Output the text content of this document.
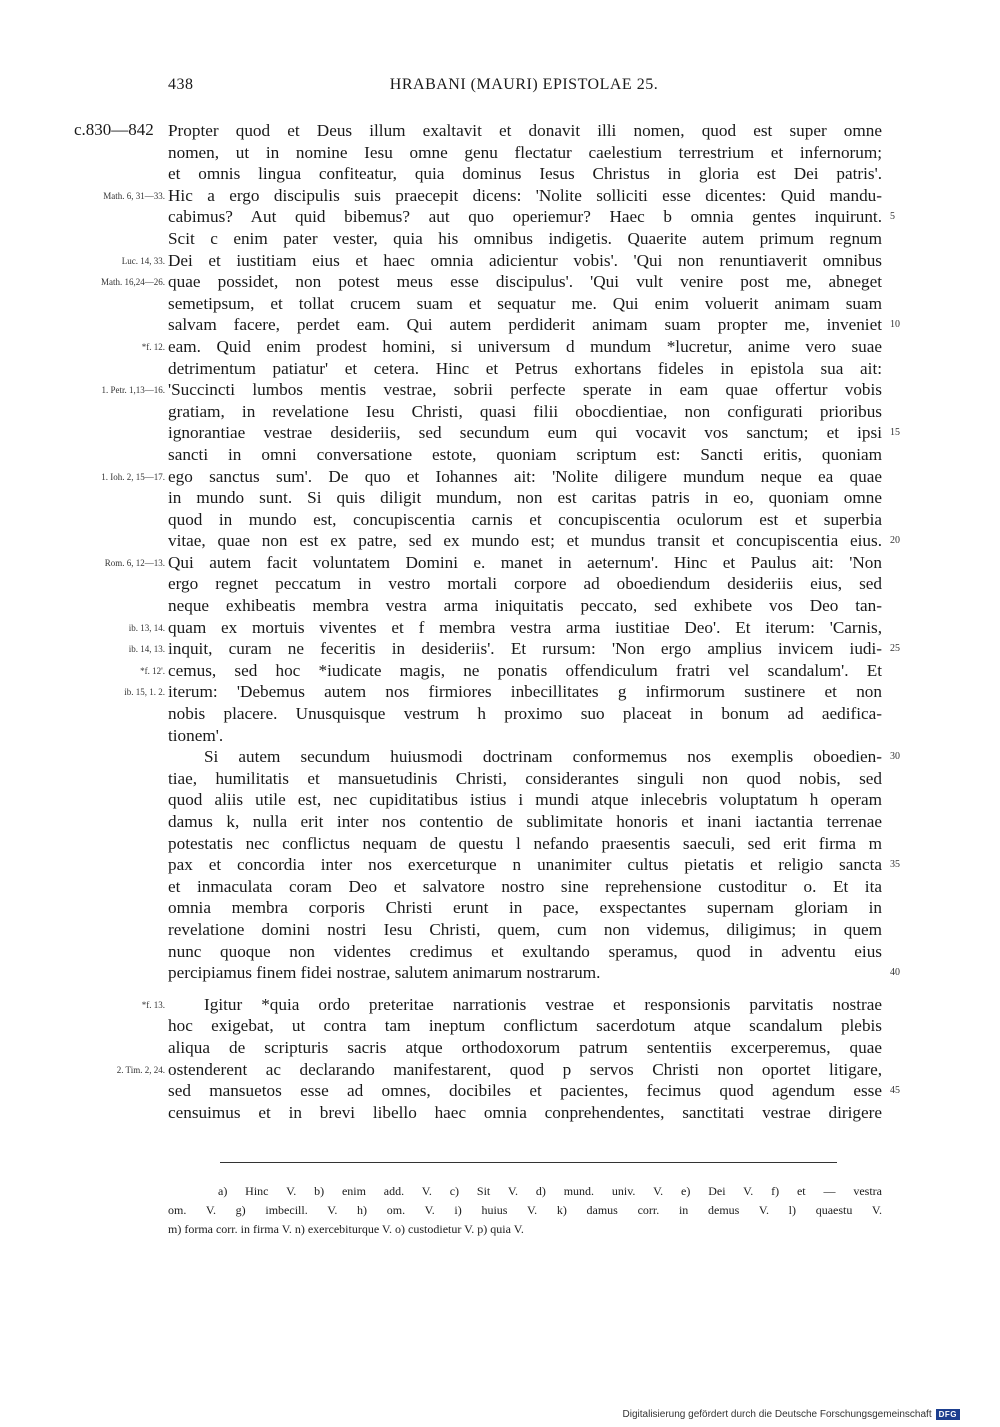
438	HRABANI (MAURI) EPISTOLAE 25.
c.830—842 Propter quod et Deus illum exaltavit et donavit illi nomen, quod est super omne
nomen, ut in nomine Iesu omne genu flectatur caelestium terrestrium et infernorum;
et omnis lingua confiteatur, quia dominus Iesus Christus in gloria est Dei patris'.
Math. 6, 31—33. Hic a ergo discipulis suis praecepit dicens: 'Nolite solliciti esse dicentes: Quid mandu-
cabimus? Aut quid bibemus? aut quo operiemur? Haec b omnia gentes inquirunt. 5
Scit c enim pater vester, quia his omnibus indigetis. Quaerite autem primum regnum
Luc. 14, 33. Dei et iustitiam eius et haec omnia adicientur vobis'. 'Qui non renuntiaverit omnibus
Math. 16,24—26. quae possidet, non potest meus esse discipulus'. 'Qui vult venire post me, abneget
semetipsum, et tollat crucem suam et sequatur me. Qui enim voluerit animam suam
salvam facere, perdet eam. Qui autem perdiderit animam suam propter me, inveniet 10
*f. 12. eam. Quid enim prodest homini, si universum d mundum *lucretur, anime vero suae
detrimentum patiatur' et cetera. Hinc et Petrus exhortans fideles in epistola sua ait:
1. Petr. 1,13—16. 'Succincti lumbos mentis vestrae, sobrii perfecte sperate in eam quae offertur vobis
gratiam, in revelatione Iesu Christi, quasi filii obocdientiae, non configurati prioribus
ignorantiae vestrae desideriis, sed secundum eum qui vocavit vos sanctum; et ipsi 15
sancti in omni conversatione estote, quoniam scriptum est: Sancti eritis, quoniam
1. Ioh. 2, 15—17. ego sanctus sum'. De quo et Iohannes ait: 'Nolite diligere mundum neque ea quae
in mundo sunt. Si quis diligit mundum, non est caritas patris in eo, quoniam omne
quod in mundo est, concupiscentia carnis et concupiscentia oculorum est et superbia
vitae, quae non est ex patre, sed ex mundo est; et mundus transit et concupiscentia eius. 20
Rom. 6, 12—13. Qui autem facit voluntatem Domini e. manet in aeternum'. Hinc et Paulus ait: 'Non
ergo regnet peccatum in vestro mortali corpore ad oboediendum desideriis eius, sed
neque exhibeatis membra vestra arma iniquitatis peccato, sed exhibete vos Deo tan-
ib. 13, 14. quam ex mortuis viventes et f membra vestra arma iustitiae Deo'. Et iterum: 'Carnis,
ib. 14, 13. inquit, curam ne feceritis in desideriis'. Et rursum: 'Non ergo amplius invicem iudi- 25
*f. 12'. cemus, sed hoc *iudicate magis, ne ponatis offendiculum fratri vel scandalum'. Et
ib. 15, 1. 2. iterum: 'Debemus autem nos firmiores inbecillitates g infirmorum sustinere et non
nobis placere. Unusquisque vestrum h proximo suo placeat in bonum ad aedifica-
tionem'.
Si autem secundum huiusmodi doctrinam conformemus nos exemplis oboedien- 30
tiae, humilitatis et mansuetudinis Christi, considerantes singuli non quod nobis, sed
quod aliis utile est, nec cupiditatibus istius i mundi atque inlecebris voluptatum h operam
damus k, nulla erit inter nos contentio de sublimitate honoris et inani iactantia terrenae
potestatis nec conflictus nequam de questu l nefando praesentis saeculi, sed erit firma m
pax et concordia inter nos exerceturque n unanimiter cultus pietatis et religio sancta 35
et inmaculata coram Deo et salvatore nostro sine reprehensione custoditur o. Et ita
omnia membra corporis Christi erunt in pace, exspectantes supernam gloriam in
revelatione domini nostri Iesu Christi, quem, cum non videmus, diligimus; in quem
nunc quoque non videntes credimus et exultando speramus, quod in adventu eius
percipiamus finem fidei nostrae, salutem animarum nostrarum.	40
*f. 13. Igitur *quia ordo preteritae narrationis vestrae et responsionis parvitatis nostrae
hoc exigebat, ut contra tam ineptum conflictum sacerdotum atque scandalum plebis
aliqua de scripturis sacris atque orthodoxorum patrum sententiis excerperemus, quae
2. Tim. 2, 24. ostenderent ac declarando manifestarent, quod p servos Christi non oportet litigare,
sed mansuetos esse ad omnes, docibiles et pacientes, fecimus quod agendum esse 45
censuimus et in brevi libello haec omnia conprehendentes, sanctitati vestrae dirigere
a) Hinc V. b) enim add. V. c) Sit V. d) mund. univ. V. e) Dei V. f) et — vestra
om. V. g) imbecill. V. h) om. V. i) huius V. k) damus corr. in demus V. l) quaestu V.
m) forma corr. in firma V. n) exercebiturque V. o) custodietur V. p) quia V.
Digitalisierung gefördert durch die Deutsche Forschungsgemeinschaft DFG
